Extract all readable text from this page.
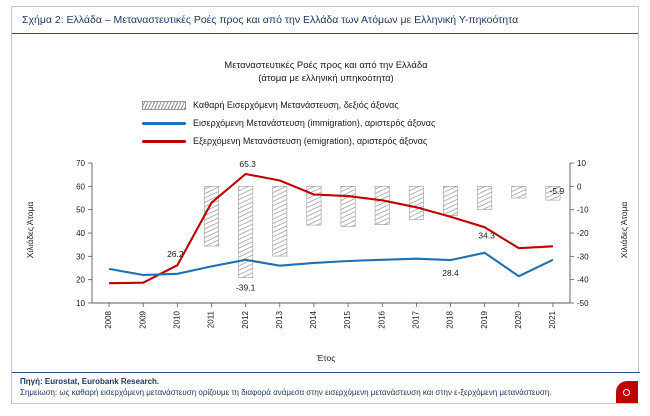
Σχήμα 2: Ελλάδα – Μεταναστευτικές Ροές προς και από την Ελλάδα των Ατόμων με Ελληνική Υ-πηκοότητα
Μεταναστευτικές Ροές προς και από την Ελλάδα
(άτομα με ελληνική υπηκοότητα)
Καθαρή Εισερχόμενη Μετανάστευση, δεξιός άξονας
Εισερχόμενη Μετανάστευση (immigration), αριστερός άξονας
Εξερχόμενη Μετανάστευση (emigration), αριστερός άξονας
Χιλιάδες Άτομα	Χιλιάδες Άτομα
Έτος
10
20
30
40
50
60
70
-50
-40
-30
-20
-10
0
10
2008	2009	2010	2011	2012	2013	2014	2015	2016	2017	2018	2019	2020	2021
26.2
65.3
-39.1
34.3
28.4
-5.9
Πηγή: Eurostat, Eurobank Research.
Σημείωση: ως καθαρή εισερχόμενη μετανάστευση ορίζουμε τη διαφορά ανάμεσα στην εισερχόμενη μετανάστευση και στην ε-ξερχόμενη μετανάστευση.
